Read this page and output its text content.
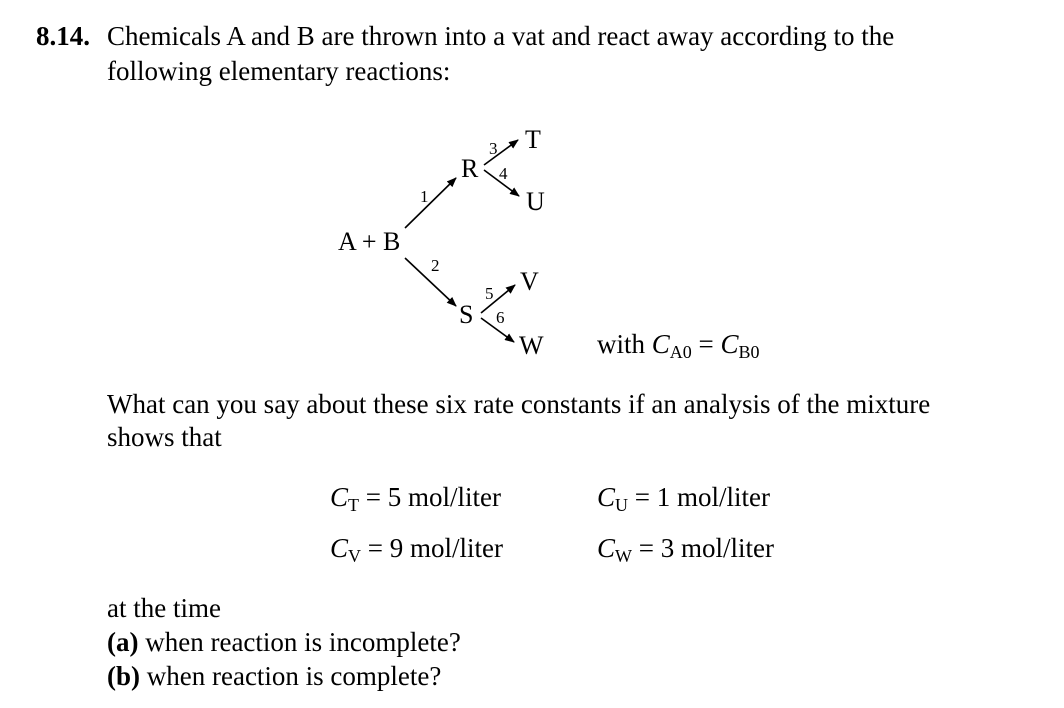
8.14. Chemicals A and B are thrown into a vat and react away according to the
following elementary reactions:
A + B
R
S
T
U
V
W
1
2
3
4
5
6
with $C_{A0} = C_{B0}$
What can you say about these six rate constants if an analysis of the mixture
shows that
$C_T = 5$ mol/liter	$C_U = 1$ mol/liter
$C_V = 9$ mol/liter	$C_W = 3$ mol/liter
at the time
(a) when reaction is incomplete?
(b) when reaction is complete?
